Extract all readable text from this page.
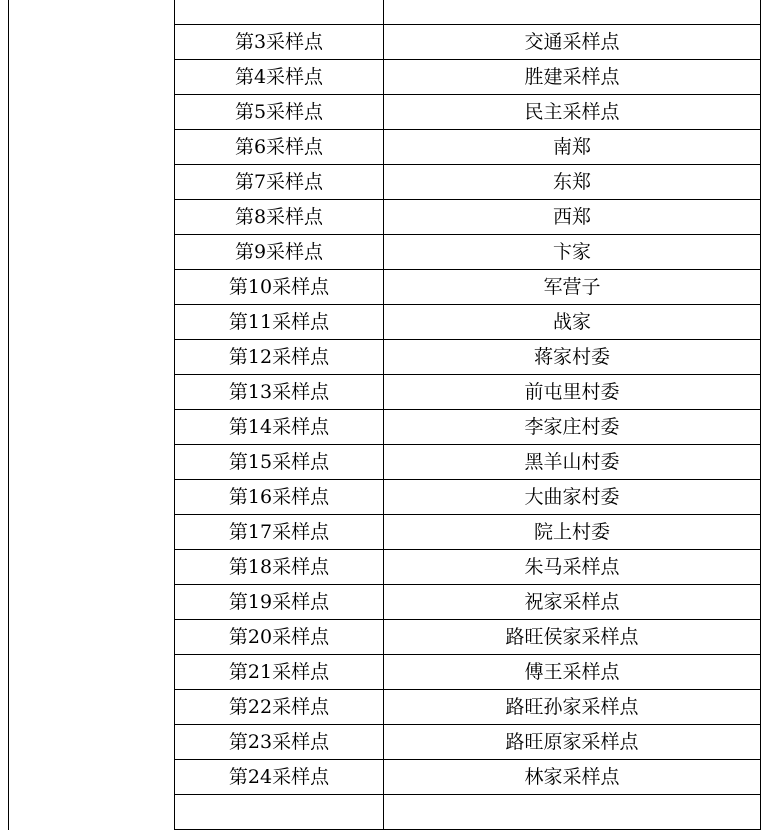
	第3采样点	交通采样点
	第4采样点	胜建采样点
	第5采样点	民主采样点
	第6采样点	南郑
	第7采样点	东郑
	第8采样点	西郑
	第9采样点	卞家
	第10采样点	军营子
	第11采样点	战家
	第12采样点	蒋家村委
	第13采样点	前屯里村委
	第14采样点	李家庄村委
	第15采样点	黑羊山村委
	第16采样点	大曲家村委
	第17采样点	院上村委
	第18采样点	朱马采样点
	第19采样点	祝家采样点
	第20采样点	路旺侯家采样点
	第21采样点	傅王采样点
	第22采样点	路旺孙家采样点
	第23采样点	路旺原家采样点
	第24采样点	林家采样点
